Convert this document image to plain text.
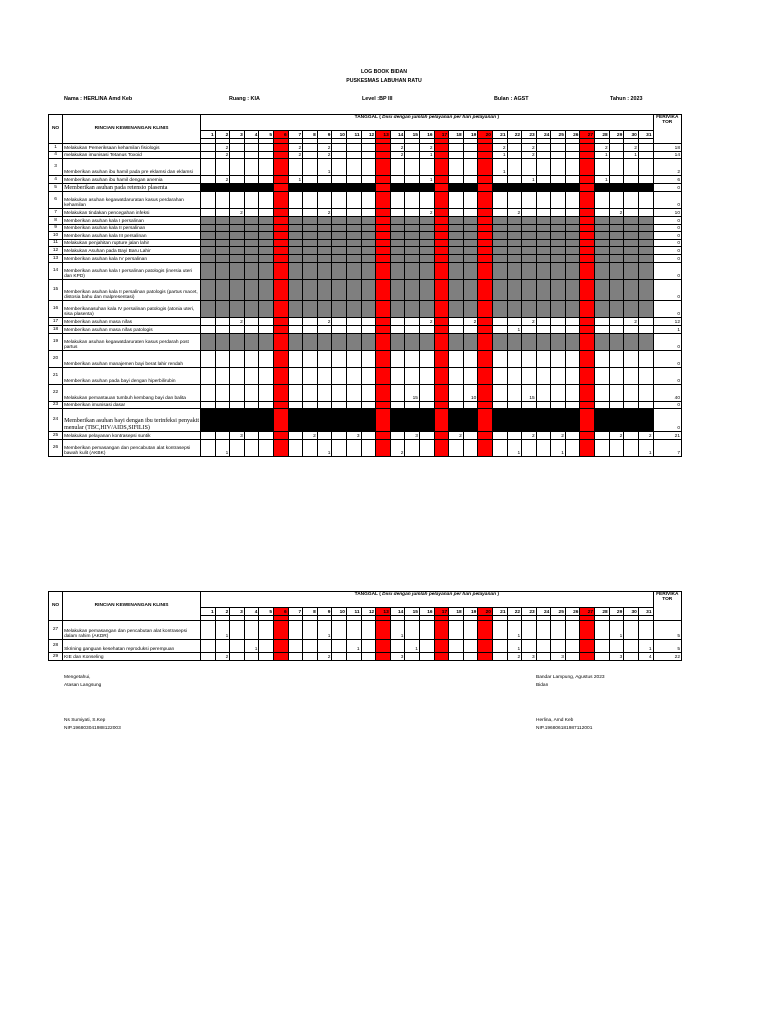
LOG BOOK BIDAN
PUSKESMAS LABUHAN RATU
Nama : HERLINA Amd Keb	Ruang : KIA	Level :BP III	Bulan : AGST	Tahun : 2023
NO	RINCIAN KEWENANGAN KLINIS	TANGGAL ( Diisi dengan jumlah pelayanan per hari pelayanan )																															FERIVIKA TOR
		1	2	3	4	5	6	7	8	9	10	11	12	13	14	15	16	17	18	19	20	21	22	23	24	25	26	27	28	29	30	31	

1	Melakukan Pemeriksaan kehamilan fisiologis		2					2		2					2		2					2		2					2		2		18
4	melakukan imunisasi Tetanus Toxoid		2					2		2					2		1					1		2					1		1		14
3	Memberikan asuhan ibu hamil pada pre eklamsi dan eklamsi									1												1											2
4	Memberikan asuhan ibu hamil dengan anemia		2					1									1							1					1				6
5	Memberikan asuhan pada retensio plasenta																																0
6	Melakukan asuhan kegawatdaruratan kasus perdarahan kehamilan																																0
7	Melakukan tindakan pencegahan infeksi			2						2							2						2							2			10
8	Memberikan asuhan kala I persalinan																																0
9	Memberikan asuhan kala II persalinan																																0
10	Memberikan asuhan kala III persalinan																																0
11	Melakukan penjahitan rupture jalan lahir																																0
12	Melakukan Asuhan pada Bayi Baru Lahir																																0
13	Memberikan asuhan kala IV persalinan																																0
14	Memberikan asuhan kala I persalinan patologis (inersia uteri dan KPD)																																0
15	Memberikan asuhan kala II persalinan patologis (partus macet, distosia bahu dan malpresentasi)																																0
16	Memberikanasuhan kala IV persalinan patologis (atonia uteri, sisa plasenta)																																0
17	Memberikan asuhan masa nifas			2						2							2			2				2							2		12
18	Memberikan asuhan masa nifas patologis																						1										1
19	Melakukan asuhan kegawatdaruraten kasus perdarah post partus																																0
20	Memberikan asuhan manajemen bayi berat lahir rendah																																0
21	Memberikan asuhan pada bayi dengan hiperbilirubin																																0
22	Melakukan pemantauan tumbuh kembang bayi dan balita															15				10				15									40
23	Memberikan imunisasi dasar																																0
24	Memberikan asuhan bayi dengan ibu terinfeksi penyakit menular (TBC,HIV/AIDS,SIFILIS)																																0
25	Melakukan pelayanan kontrasepsi suntik			3					2			3				3			2					2		2				2		2	21
26	Memberikan pemasangan dan pencabutan alat kontrasepsi bawah kulit (AKBK)		1							1					2								1			1						1	7
NO	RINCIAN KEWENANGAN KLINIS	TANGGAL ( Diisi dengan jumlah pelayanan per hari pelayanan )																															FERIVIKA TOR
		1	2	3	4	5	6	7	8	9	10	11	12	13	14	15	16	17	18	19	20	21	22	23	24	25	26	27	28	29	30	31	

27	Melakukan pemasangan dan pencabutan alat kontrasepsi dalam rahim (AKDR)		1							1					1								1							1			5
28	Skrining ganguan kesehatan reproduksi perempuan				1							1				1							1									1	5
29	KIE dan Konseling		2							2					3								2	3		3				3		4	22
Mengetahui,
Atasan Langsung
Ns Sumiyati, S.Kep
NIP.196803041988122003
Bandar Lampung, Agustus 2023
Bidan
Herlina, Amd Keb
NIP.196806181987112001
